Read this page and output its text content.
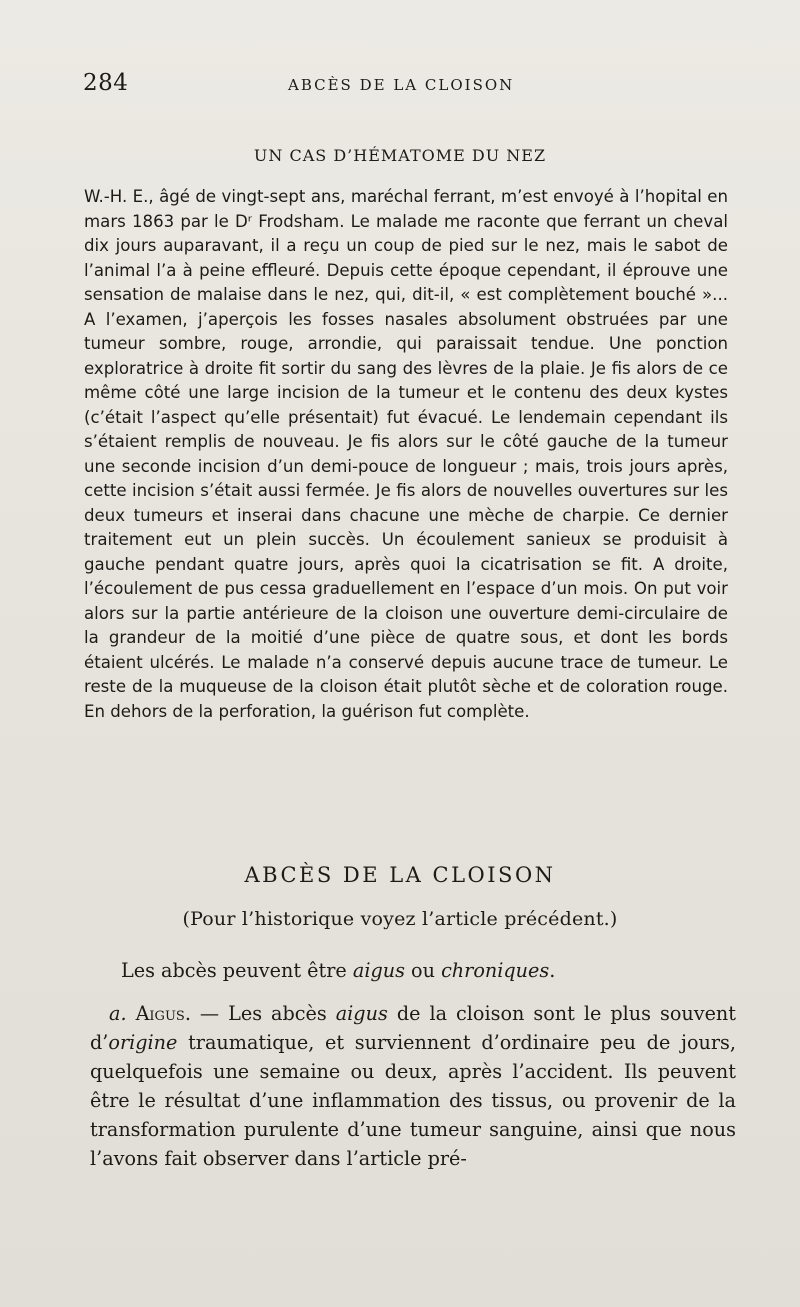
284	ABCÈS DE LA CLOISON
UN CAS D’HÉMATOME DU NEZ

W.-H. E., âgé de vingt-sept ans, maréchal ferrant, m’est envoyé à l’hopital en mars 1863 par le Dʳ Frodsham. Le malade me raconte que ferrant un cheval dix jours auparavant, il a reçu un coup de pied sur le nez, mais le sabot de l’animal l’a à peine effleuré. Depuis cette époque cependant, il éprouve une sensation de malaise dans le nez, qui, dit-il, « est complètement bouché »... A l’examen, j’aperçois les fosses nasales absolument obstruées par une tumeur sombre, rouge, arrondie, qui paraissait tendue. Une ponction exploratrice à droite fit sortir du sang des lèvres de la plaie. Je fis alors de ce même côté une large incision de la tumeur et le contenu des deux kystes (c’était l’aspect qu’elle présentait) fut évacué. Le lendemain cependant ils s’étaient remplis de nouveau. Je fis alors sur le côté gauche de la tumeur une seconde incision d’un demi-pouce de longueur ; mais, trois jours après, cette incision s’était aussi fermée. Je fis alors de nouvelles ouvertures sur les deux tumeurs et inserai dans chacune une mèche de charpie. Ce dernier traitement eut un plein succès. Un écoulement sanieux se produisit à gauche pendant quatre jours, après quoi la cicatrisation se fit. A droite, l’écoulement de pus cessa graduellement en l’espace d’un mois. On put voir alors sur la partie antérieure de la cloison une ouverture demi-circulaire de la grandeur de la moitié d’une pièce de quatre sous, et dont les bords étaient ulcérés. Le malade n’a conservé depuis aucune trace de tumeur. Le reste de la muqueuse de la cloison était plutôt sèche et de coloration rouge. En dehors de la perforation, la guérison fut complète.

ABCÈS DE LA CLOISON
(Pour l’historique voyez l’article précédent.)

Les abcès peuvent être aigus ou chroniques.

a. Aigus. — Les abcès aigus de la cloison sont le plus souvent d’origine traumatique, et surviennent d’ordinaire peu de jours, quelquefois une semaine ou deux, après l’accident. Ils peuvent être le résultat d’une inflammation des tissus, ou provenir de la transformation purulente d’une tumeur sanguine, ainsi que nous l’avons fait observer dans l’article pré-
